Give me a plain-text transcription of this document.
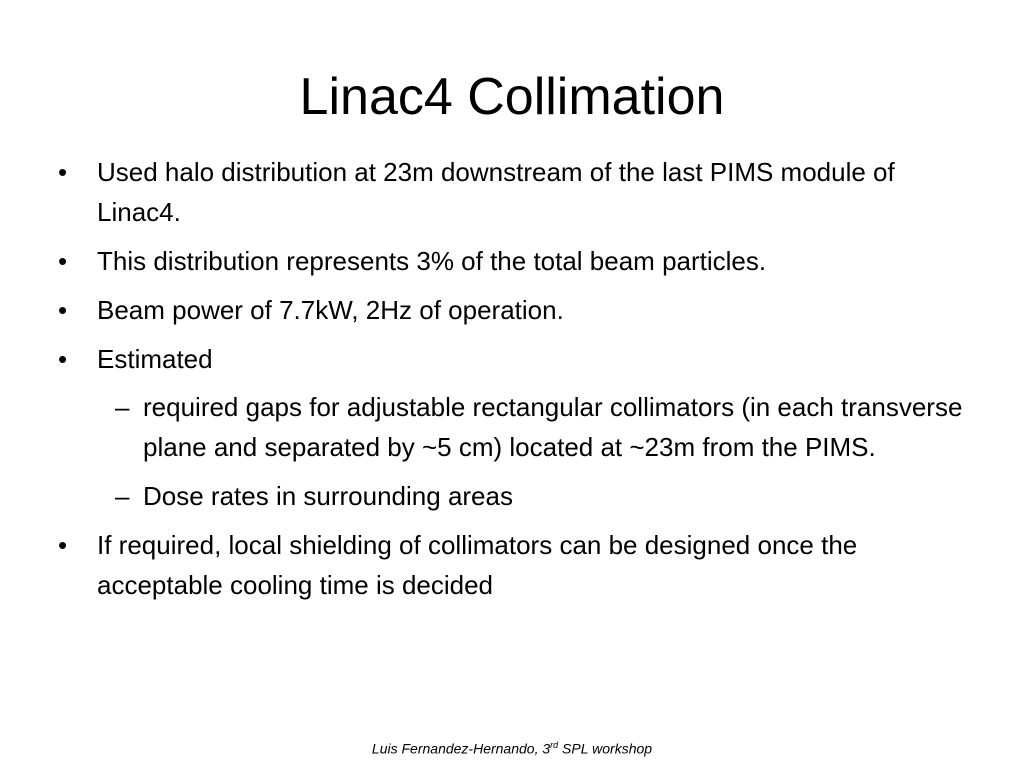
Linac4 Collimation
•	Used halo distribution at 23m downstream of the last PIMS module of Linac4.
•	This distribution represents 3% of the total beam particles.
•	Beam power of 7.7kW, 2Hz of operation.
•	Estimated
– required gaps for adjustable rectangular collimators (in each transverse plane and separated by ~5 cm) located at ~23m from the PIMS.
– Dose rates in surrounding areas
•	If required, local shielding of collimators can be designed once the acceptable cooling time is decided
Luis Fernandez-Hernando, 3rd SPL workshop
